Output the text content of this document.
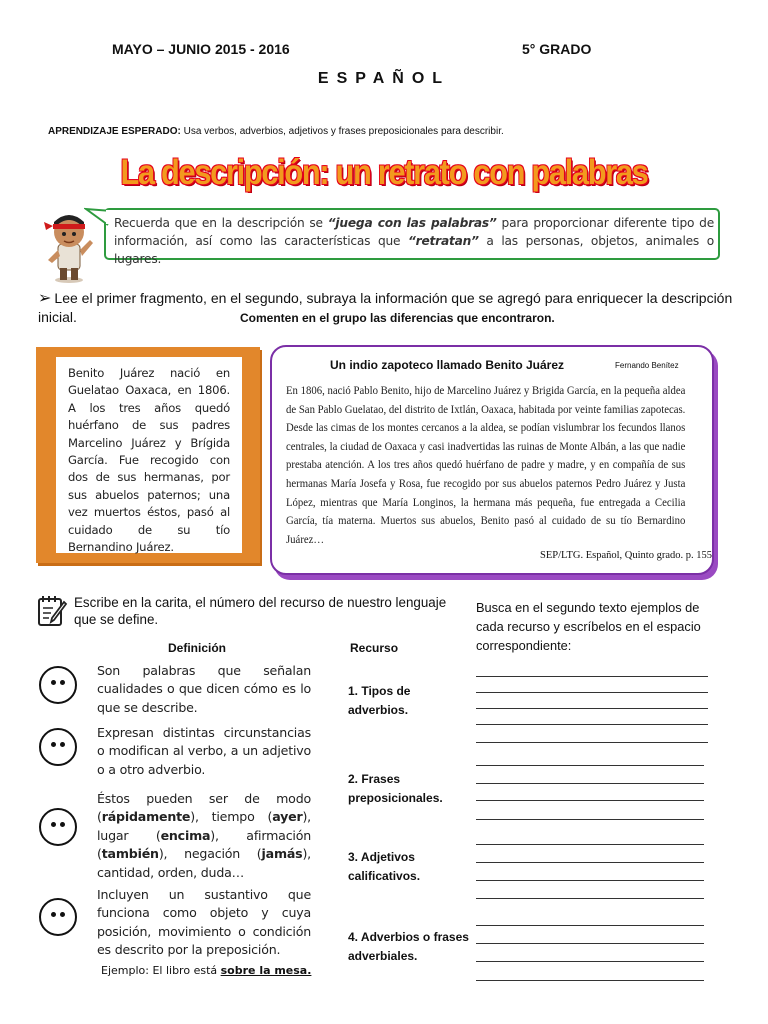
MAYO – JUNIO 2015 - 2016	5° GRADO
ESPAÑOL
APRENDIZAJE ESPERADO: Usa verbos, adverbios, adjetivos y frases preposicionales para describir.
La descripción: un retrato con palabras
Recuerda que en la descripción se “juega con las palabras” para proporcionar diferente tipo de información, así como las características que “retratan” a las personas, objetos, animales o lugares.
➢ Lee el primer fragmento, en el segundo, subraya la información que se agregó para enriquecer la descripción inicial.	Comenten en el grupo las diferencias que encontraron.
Benito Juárez nació en Guelatao Oaxaca, en 1806. A los tres años quedó huérfano de sus padres Marcelino Juárez y Brígida García. Fue recogido con dos de sus hermanas, por sus abuelos paternos; una vez muertos éstos, pasó al cuidado de su tío Bernandino Juárez.
Un indio zapoteco llamado Benito Juárez	Fernando Benítez
En 1806, nació Pablo Benito, hijo de Marcelino Juárez y Brigida García, en la pequeña aldea de San Pablo Guelatao, del distrito de Ixtlán, Oaxaca, habitada por veinte familias zapotecas. Desde las cimas de los montes cercanos a la aldea, se podían vislumbrar los fecundos llanos centrales, la ciudad de Oaxaca y casi inadvertidas las ruinas de Monte Albán, a las que nadie prestaba atención. A los tres años quedó huérfano de padre y madre, y en compañía de sus hermanas María Josefa y Rosa, fue recogido por sus abuelos paternos Pedro Juárez y Justa López, mientras que María Longinos, la hermana más pequeña, fue entregada a Cecilia García, tía materna. Muertos sus abuelos, Benito pasó al cuidado de su tío Bernardino Juárez…
SEP/LTG. Español, Quinto grado. p. 155
Escribe en la carita, el número del recurso de nuestro lenguaje que se define.
Busca en el segundo texto ejemplos de cada recurso y escríbelos en el espacio correspondiente:
Definición	Recurso
Son palabras que señalan cualidades o que dicen cómo es lo que se describe.
Expresan distintas circunstancias o modifican al verbo, a un adjetivo o a otro adverbio.
Éstos pueden ser de modo (rápidamente), tiempo (ayer), lugar (encima), afirmación (también), negación (jamás), cantidad, orden, duda…
Incluyen un sustantivo que funciona como objeto y cuya posición, movimiento o condición es descrito por la preposición.
Ejemplo: El libro está sobre la mesa.
1. Tipos de adverbios.
2. Frases preposicionales.
3. Adjetivos calificativos.
4. Adverbios o frases adverbiales.
